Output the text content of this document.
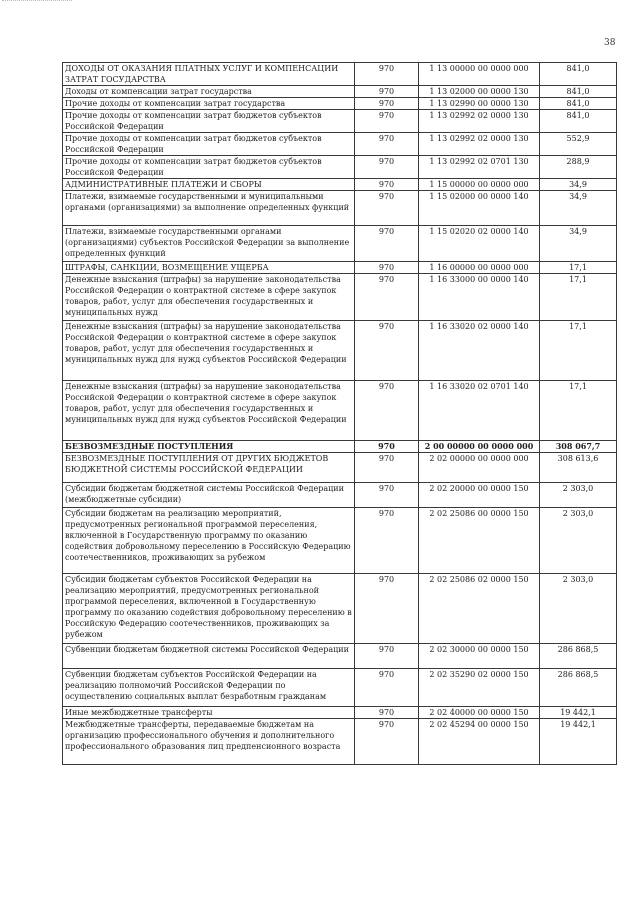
38
ДОХОДЫ ОТ ОКАЗАНИЯ ПЛАТНЫХ УСЛУГ И КОМПЕНСАЦИИ ЗАТРАТ ГОСУДАРСТВА	970	1 13 00000 00 0000 000	841,0
Доходы от компенсации затрат государства	970	1 13 02000 00 0000 130	841,0
Прочие доходы от компенсации затрат государства	970	1 13 02990 00 0000 130	841,0
Прочие доходы от компенсации затрат бюджетов субъектов Российской Федерации	970	1 13 02992 02 0000 130	841,0
Прочие доходы от компенсации затрат бюджетов субъектов Российской Федерации	970	1 13 02992 02 0000 130	552,9
Прочие доходы от компенсации затрат бюджетов субъектов Российской Федерации	970	1 13 02992 02 0701 130	288,9
АДМИНИСТРАТИВНЫЕ ПЛАТЕЖИ И СБОРЫ	970	1 15 00000 00 0000 000	34,9
Платежи, взимаемые государственными и муниципальными органами (организациями) за выполнение определенных функций	970	1 15 02000 00 0000 140	34,9
Платежи, взимаемые государственными органами (организациями) субъектов Российской Федерации за выполнение определенных функций	970	1 15 02020 02 0000 140	34,9
ШТРАФЫ, САНКЦИИ, ВОЗМЕЩЕНИЕ УЩЕРБА	970	1 16 00000 00 0000 000	17,1
Денежные взыскания (штрафы) за нарушение законодательства Российской Федерации о контрактной системе в сфере закупок товаров, работ, услуг для обеспечения государственных и муниципальных нужд	970	1 16 33000 00 0000 140	17,1
Денежные взыскания (штрафы) за нарушение законодательства Российской Федерации о контрактной системе в сфере закупок товаров, работ, услуг для обеспечения государственных и муниципальных нужд для нужд субъектов Российской Федерации	970	1 16 33020 02 0000 140	17,1
Денежные взыскания (штрафы) за нарушение законодательства Российской Федерации о контрактной системе в сфере закупок товаров, работ, услуг для обеспечения государственных и муниципальных нужд для нужд субъектов Российской Федерации	970	1 16 33020 02 0701 140	17,1
БЕЗВОЗМЕЗДНЫЕ ПОСТУПЛЕНИЯ	970	2 00 00000 00 0000 000	308 067,7
БЕЗВОЗМЕЗДНЫЕ ПОСТУПЛЕНИЯ ОТ ДРУГИХ БЮДЖЕТОВ БЮДЖЕТНОЙ СИСТЕМЫ РОССИЙСКОЙ ФЕДЕРАЦИИ	970	2 02 00000 00 0000 000	308 613,6
Субсидии бюджетам бюджетной системы Российской Федерации (межбюджетные субсидии)	970	2 02 20000 00 0000 150	2 303,0
Субсидии бюджетам на реализацию мероприятий, предусмотренных региональной программой переселения, включенной в Государственную программу по оказанию содействия добровольному переселению в Российскую Федерацию соотечественников, проживающих за рубежом	970	2 02 25086 00 0000 150	2 303,0
Субсидии бюджетам субъектов Российской Федерации на реализацию мероприятий, предусмотренных региональной программой переселения, включенной в Государственную программу по оказанию содействия добровольному переселению в Российскую Федерацию соотечественников, проживающих за рубежом	970	2 02 25086 02 0000 150	2 303,0
Субвенции бюджетам бюджетной системы Российской Федерации	970	2 02 30000 00 0000 150	286 868,5
Субвенции бюджетам субъектов Российской Федерации на реализацию полномочий Российской Федерации по осуществлению социальных выплат безработным гражданам	970	2 02 35290 02 0000 150	286 868,5
Иные межбюджетные трансферты	970	2 02 40000 00 0000 150	19 442,1
Межбюджетные трансферты, передаваемые бюджетам на организацию профессионального обучения и дополнительного профессионального образования лиц предпенсионного возраста	970	2 02 45294 00 0000 150	19 442,1
